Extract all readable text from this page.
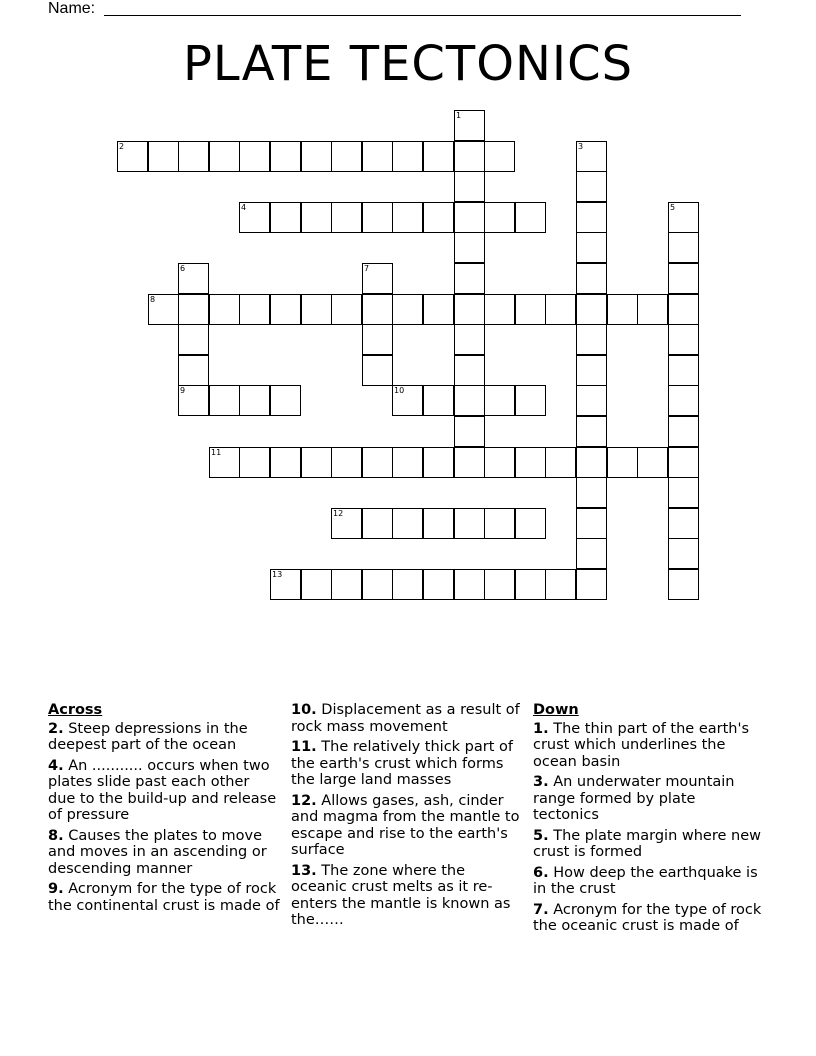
Name:
PLATE TECTONICS
2
4
8
9	10
11
12
13
1
3
5
6	7
Across
2. Steep depressions in the deepest part of the ocean
4. An ........... occurs when two plates slide past each other due to the build-up and release of pressure
8. Causes the plates to move and moves in an ascending or descending manner
9. Acronym for the type of rock the continental crust is made of
10. Displacement as a result of rock mass movement
11. The relatively thick part of the earth's crust which forms the large land masses
12. Allows gases, ash, cinder and magma from the mantle to escape and rise to the earth's surface
13. The zone where the oceanic crust melts as it re-enters the mantle is known as the……
Down
1. The thin part of the earth's crust which underlines the ocean basin
3. An underwater mountain range formed by plate tectonics
5. The plate margin where new crust is formed
6. How deep the earthquake is in the crust
7. Acronym for the type of rock the oceanic crust is made of
